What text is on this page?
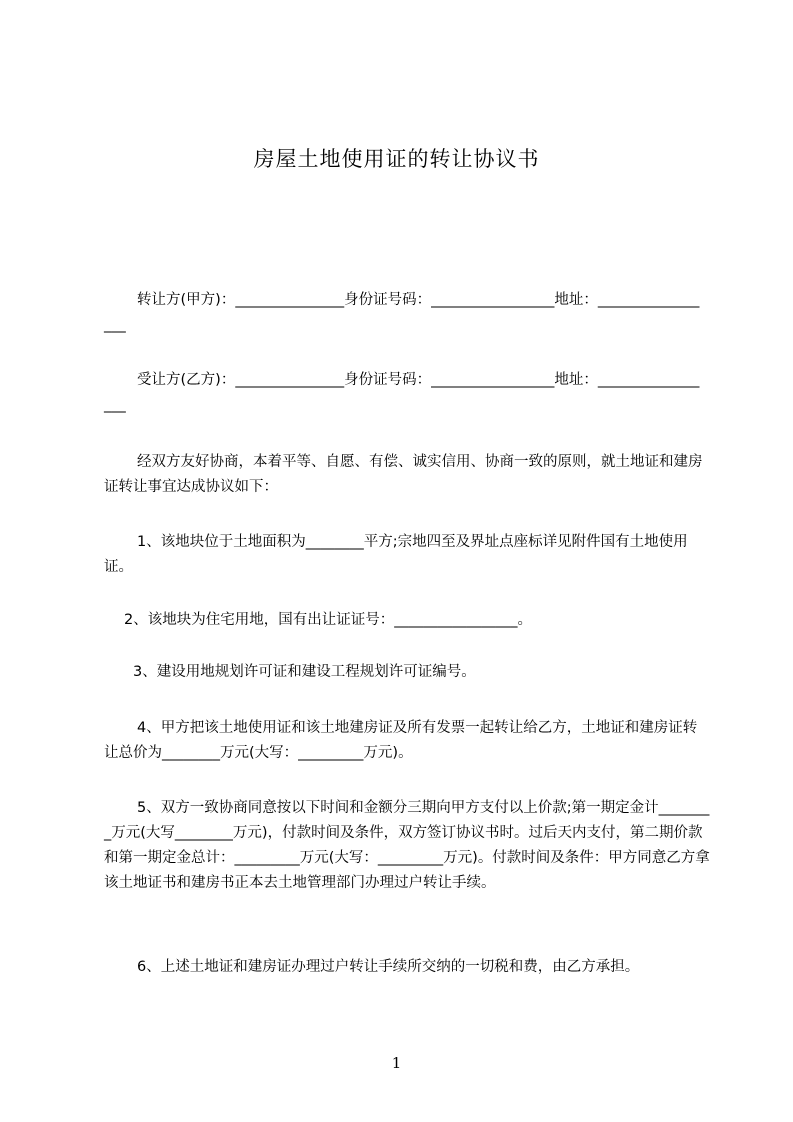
房屋土地使用证的转让协议书

转让方(甲方)：_______________身份证号码：_________________地址：_________________

受让方(乙方)：_______________身份证号码：_________________地址：_________________

经双方友好协商，本着平等、自愿、有偿、诚实信用、协商一致的原则，就土地证和建房证转让事宜达成协议如下：

1、该地块位于土地面积为________平方;宗地四至及界址点座标详见附件国有土地使用证。

2、该地块为住宅用地，国有出让证证号：_________________。

3、建设用地规划许可证和建设工程规划许可证编号。

4、甲方把该土地使用证和该土地建房证及所有发票一起转让给乙方，土地证和建房证转让总价为________万元(大写：_________万元)。

5、双方一致协商同意按以下时间和金额分三期向甲方支付以上价款;第一期定金计________万元(大写________万元)，付款时间及条件，双方签订协议书时。过后天内支付，第二期价款和第一期定金总计：_________万元(大写：_________万元)。付款时间及条件：甲方同意乙方拿该土地证书和建房书正本去土地管理部门办理过户转让手续。

6、上述土地证和建房证办理过户转让手续所交纳的一切税和费，由乙方承担。

1
